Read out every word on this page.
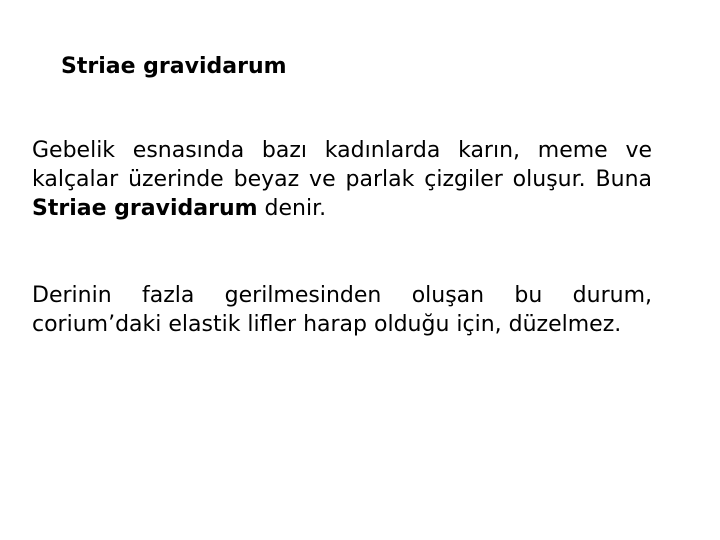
Striae gravidarum

Gebelik esnasında bazı kadınlarda karın, meme ve kalçalar üzerinde beyaz ve parlak çizgiler oluşur. Buna Striae gravidarum denir.

Derinin fazla gerilmesinden oluşan bu durum, corium’daki elastik lifler harap olduğu için, düzelmez.
